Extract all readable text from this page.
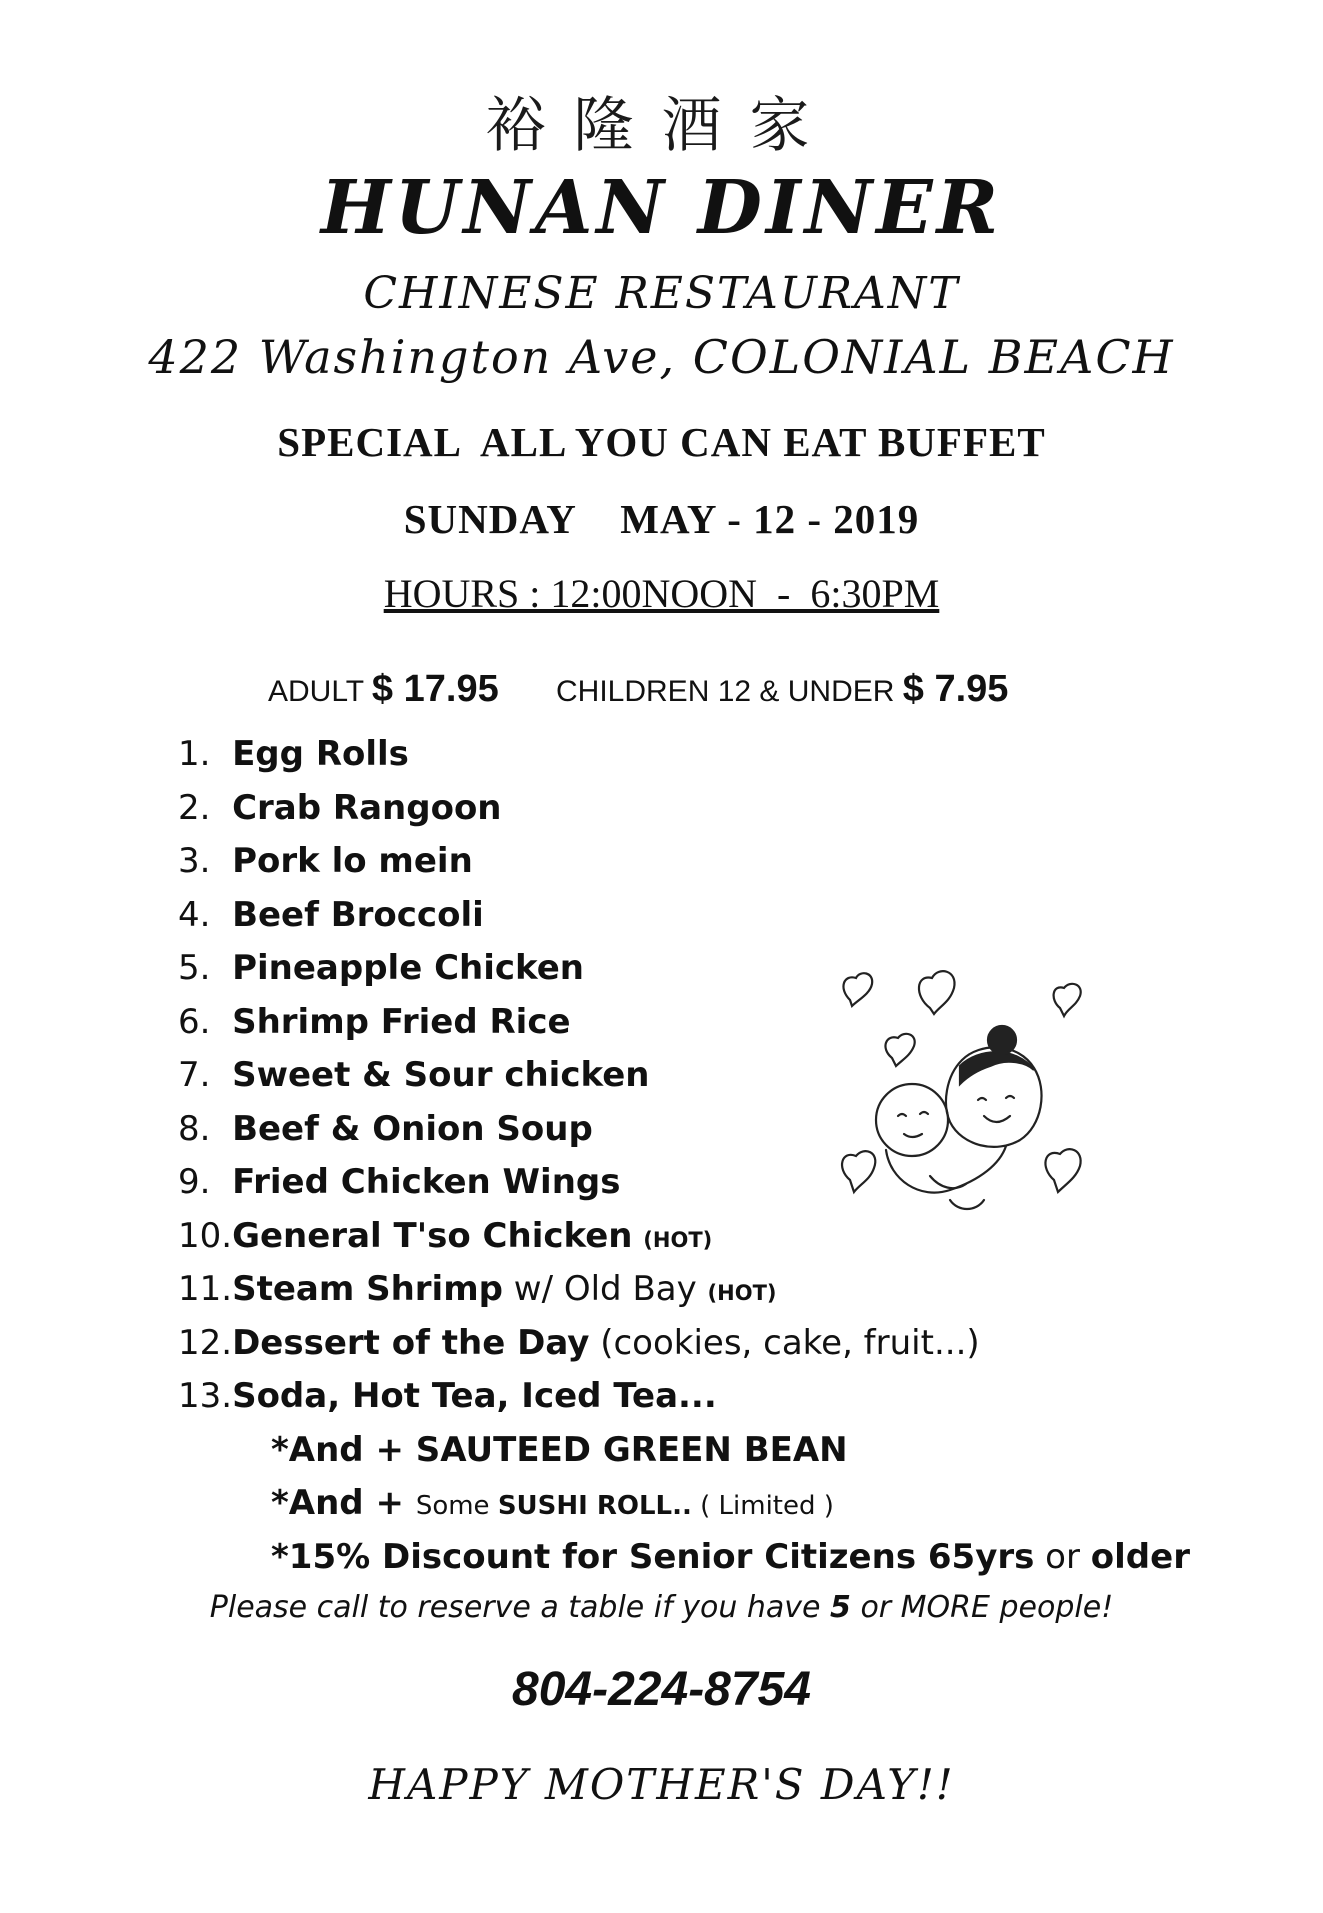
裕隆酒家
HUNAN DINER
CHINESE RESTAURANT
422 Washington Ave, COLONIAL BEACH
SPECIAL  ALL YOU CAN EAT BUFFET
SUNDAY    MAY - 12 - 2019
HOURS : 12:00NOON  -  6:30PM
ADULT $ 17.95 CHILDREN 12 & UNDER $ 7.95
1. Egg Rolls
2. Crab Rangoon
3. Pork lo mein
4. Beef Broccoli
5. Pineapple Chicken
6. Shrimp Fried Rice
7. Sweet & Sour chicken
8. Beef & Onion Soup
9. Fried Chicken Wings
10.General T'so Chicken (HOT)
11.Steam Shrimp w/ Old Bay (HOT)
12.Dessert of the Day (cookies, cake, fruit...)
13.Soda, Hot Tea, Iced Tea...
*And + SAUTEED GREEN BEAN
*And + Some SUSHI ROLL.. ( Limited )
*15% Discount for Senior Citizens 65yrs or older
Please call to reserve a table if you have 5 or MORE people!
804-224-8754
HAPPY MOTHER'S DAY!!
